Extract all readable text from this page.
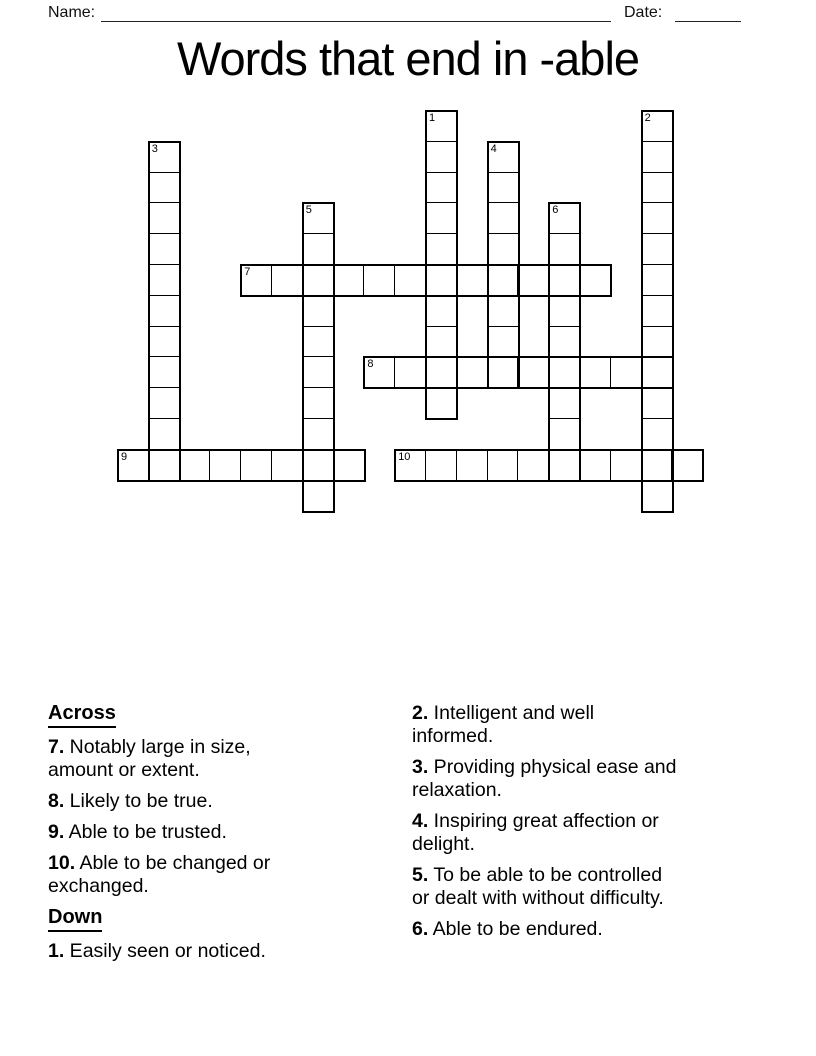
Name:	Date:
Words that end in -able
1	2
3	4
5	6
7
8
9	10
Across
7. Notably large in size,
amount or extent.
8. Likely to be true.
9. Able to be trusted.
10. Able to be changed or
exchanged.
Down
1. Easily seen or noticed.
2. Intelligent and well
informed.
3. Providing physical ease and
relaxation.
4. Inspiring great affection or
delight.
5. To be able to be controlled
or dealt with without difficulty.
6. Able to be endured.
